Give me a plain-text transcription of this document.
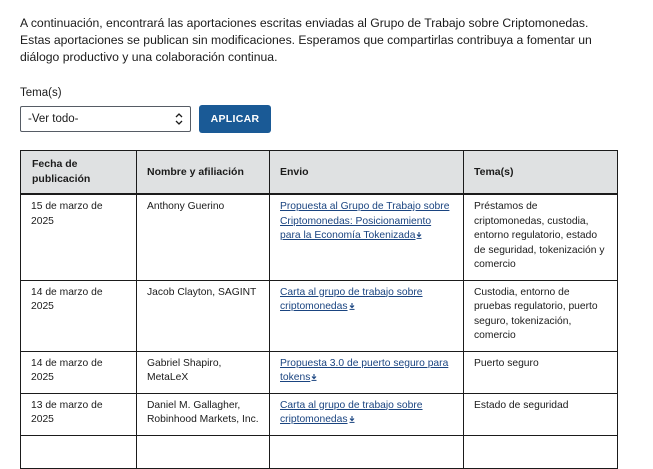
A continuación, encontrará las aportaciones escritas enviadas al Grupo de Trabajo sobre Criptomonedas. Estas aportaciones se publican sin modificaciones. Esperamos que compartirlas contribuya a fomentar un diálogo productivo y una colaboración continua.

Tema(s)
-Ver todo-	APLICAR
Fecha de publicación	Nombre y afiliación	Envio	Tema(s)
15 de marzo de 2025	Anthony Guerino	Propuesta al Grupo de Trabajo sobre Criptomonedas: Posicionamiento para la Economía Tokenizada	Préstamos de criptomonedas, custodia, entorno regulatorio, estado de seguridad, tokenización y comercio
14 de marzo de 2025	Jacob Clayton, SAGINT	Carta al grupo de trabajo sobre criptomonedas	Custodia, entorno de pruebas regulatorio, puerto seguro, tokenización, comercio
14 de marzo de 2025	Gabriel Shapiro, MetaLeX	Propuesta 3.0 de puerto seguro para tokens	Puerto seguro
13 de marzo de 2025	Daniel M. Gallagher, Robinhood Markets, Inc.	Carta al grupo de trabajo sobre criptomonedas	Estado de seguridad
